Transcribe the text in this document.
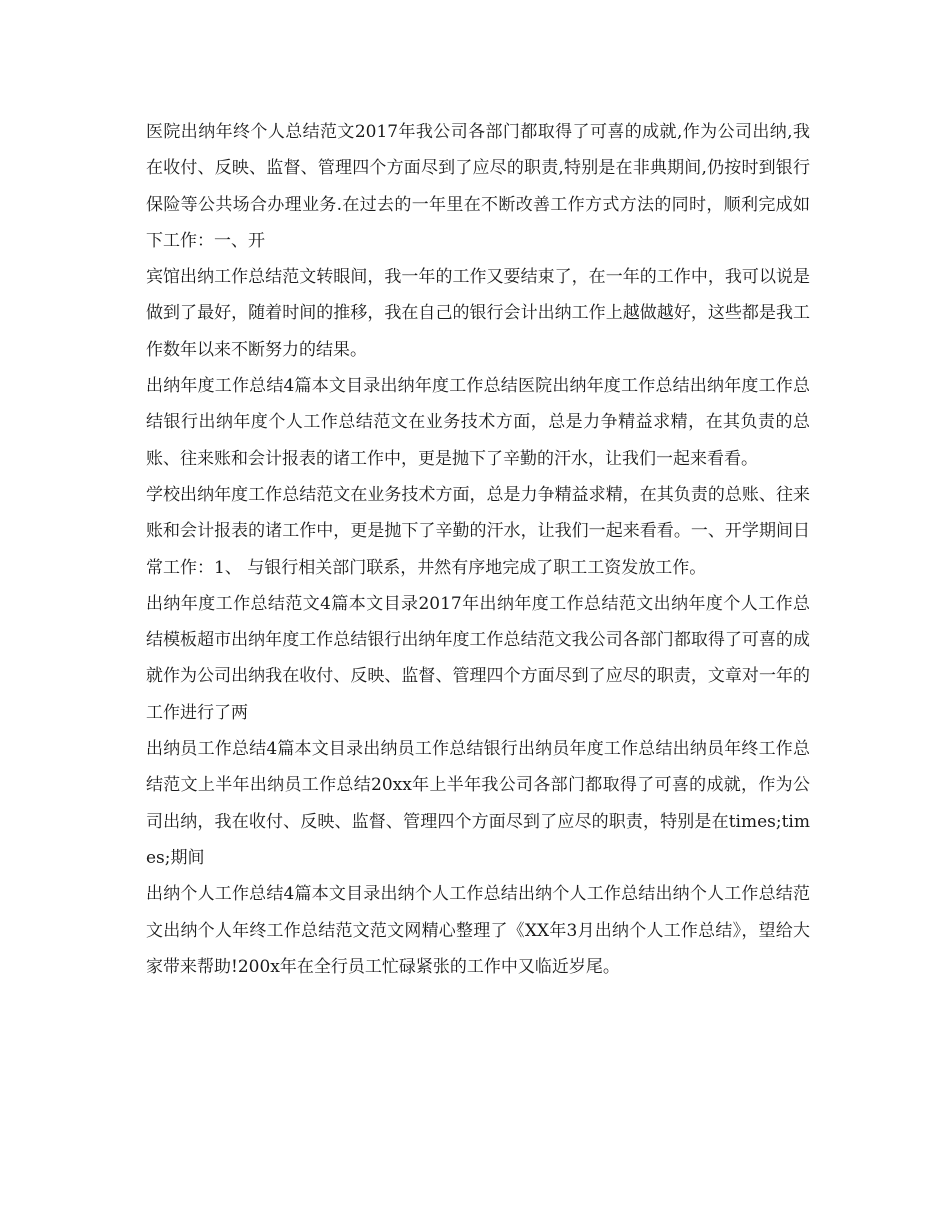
医院出纳年终个人总结范文2017年我公司各部门都取得了可喜的成就,作为公司出纳,我在收付、反映、监督、管理四个方面尽到了应尽的职责,特别是在非典期间,仍按时到银行保险等公共场合办理业务.在过去的一年里在不断改善工作方式方法的同时，顺利完成如下工作：一、开

宾馆出纳工作总结范文转眼间，我一年的工作又要结束了，在一年的工作中，我可以说是做到了最好，随着时间的推移，我在自己的银行会计出纳工作上越做越好，这些都是我工作数年以来不断努力的结果。

出纳年度工作总结4篇本文目录出纳年度工作总结医院出纳年度工作总结出纳年度工作总结银行出纳年度个人工作总结范文在业务技术方面，总是力争精益求精，在其负责的总账、往来账和会计报表的诸工作中，更是抛下了辛勤的汗水，让我们一起来看看。

学校出纳年度工作总结范文在业务技术方面，总是力争精益求精，在其负责的总账、往来账和会计报表的诸工作中，更是抛下了辛勤的汗水，让我们一起来看看。一、开学期间日常工作：1、 与银行相关部门联系，井然有序地完成了职工工资发放工作。

出纳年度工作总结范文4篇本文目录2017年出纳年度工作总结范文出纳年度个人工作总结模板超市出纳年度工作总结银行出纳年度工作总结范文我公司各部门都取得了可喜的成就作为公司出纳我在收付、反映、监督、管理四个方面尽到了应尽的职责，文章对一年的工作进行了两

出纳员工作总结4篇本文目录出纳员工作总结银行出纳员年度工作总结出纳员年终工作总结范文上半年出纳员工作总结20xx年上半年我公司各部门都取得了可喜的成就，作为公司出纳，我在收付、反映、监督、管理四个方面尽到了应尽的职责，特别是在times;times;期间

出纳个人工作总结4篇本文目录出纳个人工作总结出纳个人工作总结出纳个人工作总结范文出纳个人年终工作总结范文范文网精心整理了《XX年3月出纳个人工作总结》，望给大家带来帮助!200x年在全行员工忙碌紧张的工作中又临近岁尾。
